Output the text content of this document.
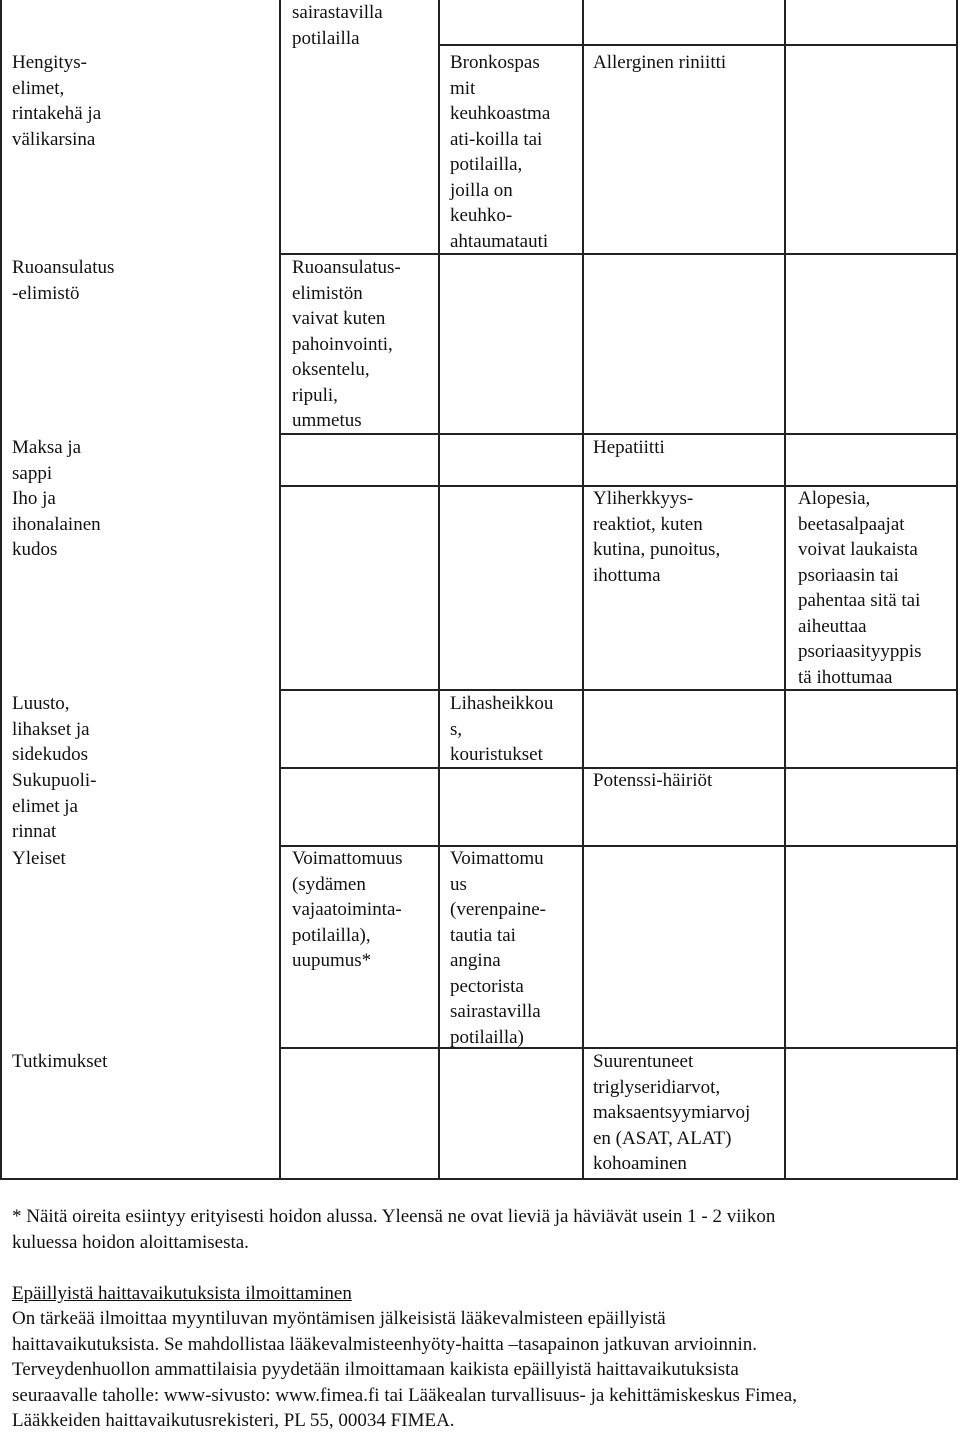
Hengitys-
elimet,
rintakehä ja
välikarsina
Ruoansulatus
-elimistö
Maksa ja
sappi
Iho ja
ihonalainen
kudos
Luusto,
lihakset ja
sidekudos
Sukupuoli-
elimet ja
rinnat
Yleiset
Tutkimukset
sairastavilla
potilailla
Ruoansulatus-
elimistön
vaivat kuten
pahoinvointi,
oksentelu,
ripuli,
ummetus
Voimattomuus
(sydämen
vajaatoiminta-
potilailla),
uupumus*
Bronkospas
mit
keuhkoastma
ati-koilla tai
potilailla,
joilla on
keuhko-
ahtaumatauti
Lihasheikkou
s,
kouristukset
Voimattomu
us
(verenpaine-
tautia tai
angina
pectorista
sairastavilla
potilailla)
Allerginen riniitti
Hepatiitti
Yliherkkyys-
reaktiot, kuten
kutina, punoitus,
ihottuma
Potenssi-häiriöt
Suurentuneet
triglyseridiarvot,
maksaentsyymiarvoj
en (ASAT, ALAT)
kohoaminen
Alopesia,
beetasalpaajat
voivat laukaista
psoriaasin tai
pahentaa sitä tai
aiheuttaa
psoriaasityyppis
tä ihottumaa
* Näitä oireita esiintyy erityisesti hoidon alussa. Yleensä ne ovat lieviä ja häviävät usein 1 - 2 viikon
kuluessa hoidon aloittamisesta.
Epäillyistä haittavaikutuksista ilmoittaminen
On tärkeää ilmoittaa myyntiluvan myöntämisen jälkeisistä lääkevalmisteen epäillyistä
haittavaikutuksista. Se mahdollistaa lääkevalmisteenhyöty-haitta –tasapainon jatkuvan arvioinnin.
Terveydenhuollon ammattilaisia pyydetään ilmoittamaan kaikista epäillyistä haittavaikutuksista
seuraavalle taholle: www-sivusto: www.fimea.fi tai Lääkealan turvallisuus- ja kehittämiskeskus Fimea,
Lääkkeiden haittavaikutusrekisteri, PL 55, 00034 FIMEA.
